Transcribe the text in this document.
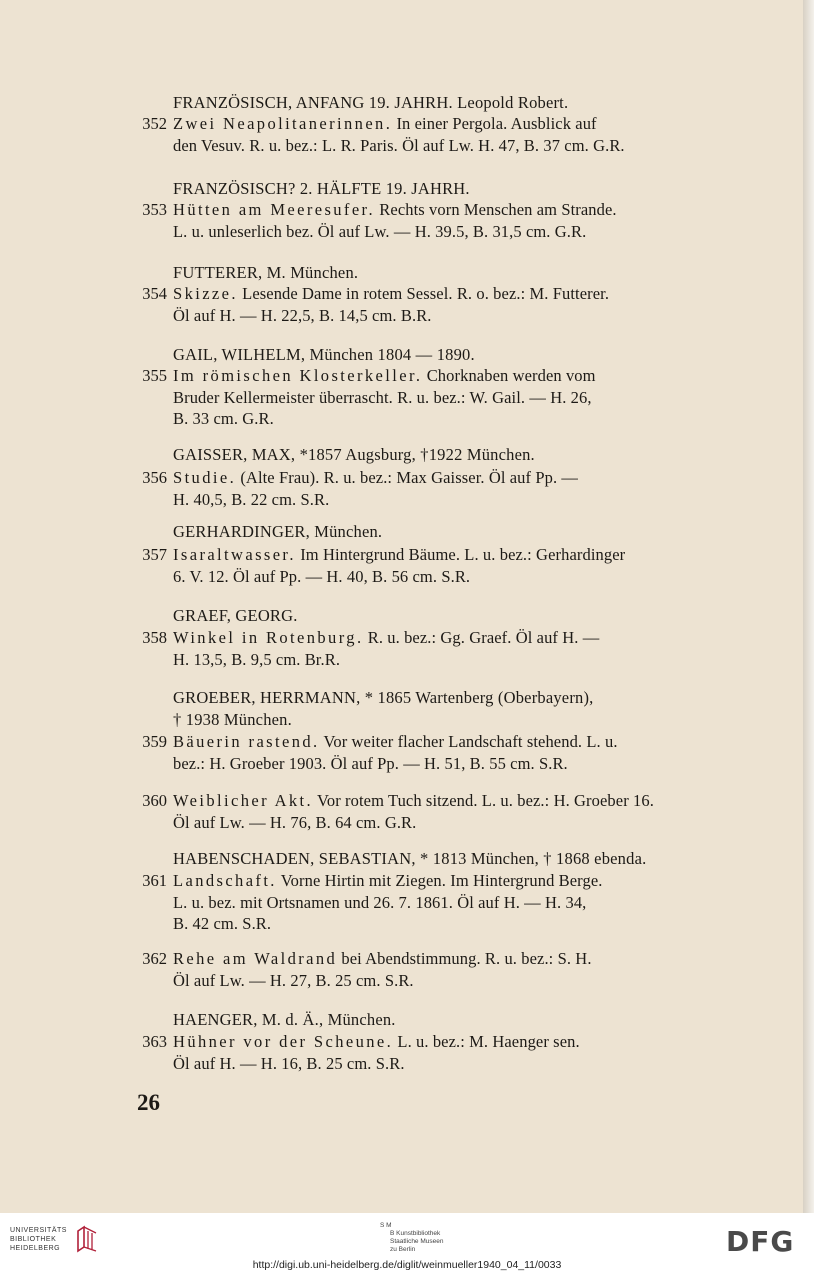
FRANZÖSISCH, ANFANG 19. JAHRH. Leopold Robert.
352 Zwei Neapolitanerinnen. In einer Pergola. Ausblick auf
den Vesuv. R. u. bez.: L. R. Paris. Öl auf Lw. H. 47, B. 37 cm. G.R.
FRANZÖSISCH? 2. HÄLFTE 19. JAHRH.
353 Hütten am Meeresufer. Rechts vorn Menschen am Strande.
L. u. unleserlich bez. Öl auf Lw. — H. 39.5, B. 31,5 cm. G.R.
FUTTERER, M. München.
354 Skizze. Lesende Dame in rotem Sessel. R. o. bez.: M. Futterer.
Öl auf H. — H. 22,5, B. 14,5 cm. B.R.
GAIL, WILHELM, München 1804 — 1890.
355 Im römischen Klosterkeller. Chorknaben werden vom
Bruder Kellermeister überrascht. R. u. bez.: W. Gail. — H. 26,
B. 33 cm. G.R.
GAISSER, MAX, *1857 Augsburg, †1922 München.
356 Studie. (Alte Frau). R. u. bez.: Max Gaisser. Öl auf Pp. —
H. 40,5, B. 22 cm. S.R.
GERHARDINGER, München.
357 Isaraltwasser. Im Hintergrund Bäume. L. u. bez.: Gerhardinger
6. V. 12. Öl auf Pp. — H. 40, B. 56 cm. S.R.
GRAEF, GEORG.
358 Winkel in Rotenburg. R. u. bez.: Gg. Graef. Öl auf H. —
H. 13,5, B. 9,5 cm. Br.R.
GROEBER, HERRMANN, * 1865 Wartenberg (Oberbayern),
† 1938 München.
359 Bäuerin rastend. Vor weiter flacher Landschaft stehend. L. u.
bez.: H. Groeber 1903. Öl auf Pp. — H. 51, B. 55 cm. S.R.
360 Weiblicher Akt. Vor rotem Tuch sitzend. L. u. bez.: H. Groeber 16.
Öl auf Lw. — H. 76, B. 64 cm. G.R.
HABENSCHADEN, SEBASTIAN, * 1813 München, † 1868 ebenda.
361 Landschaft. Vorne Hirtin mit Ziegen. Im Hintergrund Berge.
L. u. bez. mit Ortsnamen und 26. 7. 1861. Öl auf H. — H. 34,
B. 42 cm. S.R.
362 Rehe am Waldrand bei Abendstimmung. R. u. bez.: S. H.
Öl auf Lw. — H. 27, B. 25 cm. S.R.
HAENGER, M. d. Ä., München.
363 Hühner vor der Scheune. L. u. bez.: M. Haenger sen.
Öl auf H. — H. 16, B. 25 cm. S.R.
26
UNIVERSITÄTS
BIBLIOTHEK
HEIDELBERG
S M
B Kunstbibliothek
Staatliche Museen
zu Berlin	DFG
http://digi.ub.uni-heidelberg.de/diglit/weinmueller1940_04_11/0033
